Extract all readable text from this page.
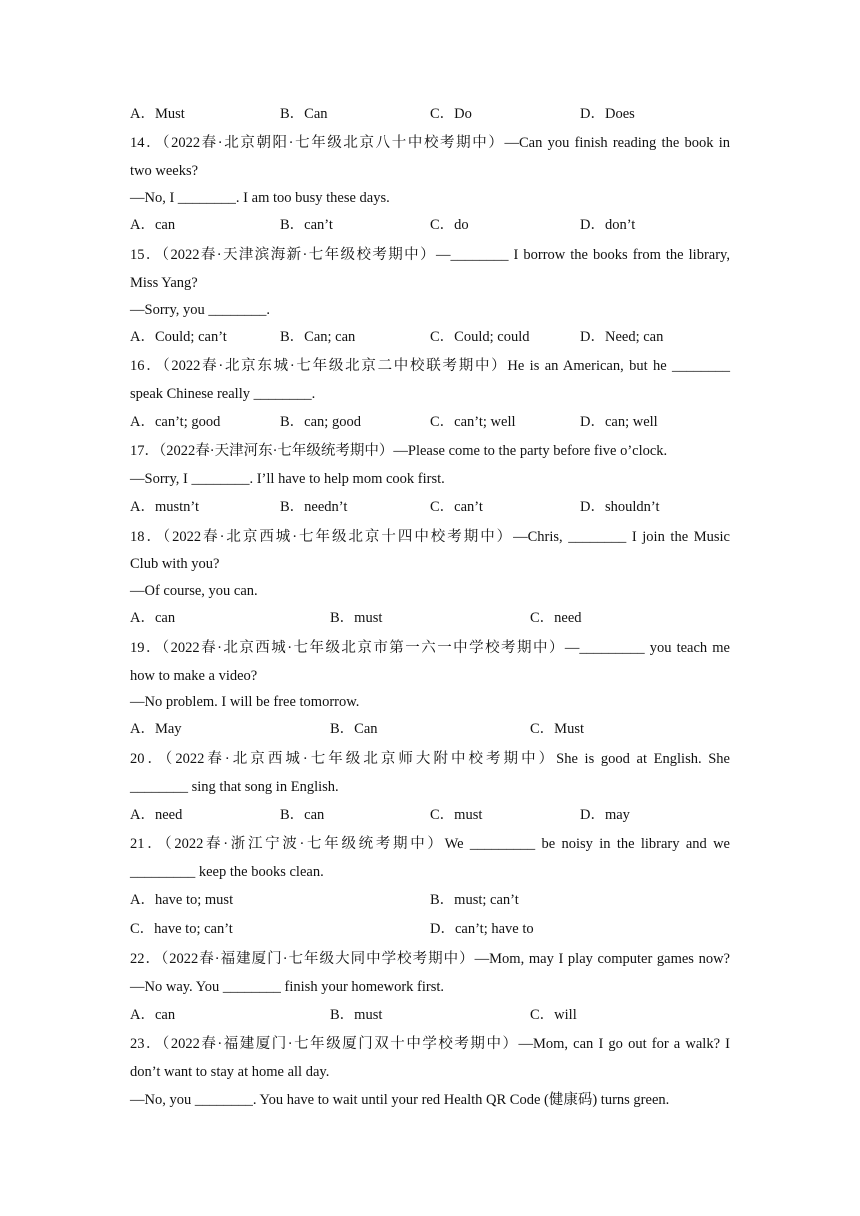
A．Must	B．Can	C．Do	D．Does
14．（2022春·北京朝阳·七年级北京八十中校考期中）—Can you finish reading the book in
two weeks?
—No, I ________. I am too busy these days.
A．can	B．can’t	C．do	D．don’t
15．（2022春·天津滨海新·七年级校考期中）—________ I borrow the books from the library,
Miss Yang?
—Sorry, you ________.
A．Could; can’t	B．Can; can	C．Could; could	D．Need; can
16．（2022春·北京东城·七年级北京二中校联考期中）He is an American, but he ________
speak Chinese really ________.
A．can’t; good	B．can; good	C．can’t; well	D．can; well
17．（2022春·天津河东·七年级统考期中）—Please come to the party before five o’clock.
—Sorry, I ________. I’ll have to help mom cook first.
A．mustn’t	B．needn’t	C．can’t	D．shouldn’t
18．（2022春·北京西城·七年级北京十四中校考期中）—Chris, ________ I join the Music
Club with you?
—Of course, you can.
A．can	B．must	C．need
19．（2022春·北京西城·七年级北京市第一六一中学校考期中）—_________ you teach me
how to make a video?
—No problem. I will be free tomorrow.
A．May	B．Can	C．Must
20．（2022春·北京西城·七年级北京师大附中校考期中）She is good at English. She
________ sing that song in English.
A．need	B．can	C．must	D．may
21．（2022春·浙江宁波·七年级统考期中）We _________ be noisy in the library and we
_________ keep the books clean.
A．have to; must	B．must; can’t
C．have to; can’t	D．can’t; have to
22．（2022春·福建厦门·七年级大同中学校考期中）—Mom, may I play computer games now?
—No way. You ________ finish your homework first.
A．can	B．must	C．will
23．（2022春·福建厦门·七年级厦门双十中学校考期中）—Mom, can I go out for a walk? I
don’t want to stay at home all day.
—No, you ________. You have to wait until your red Health QR Code (健康码) turns green.
